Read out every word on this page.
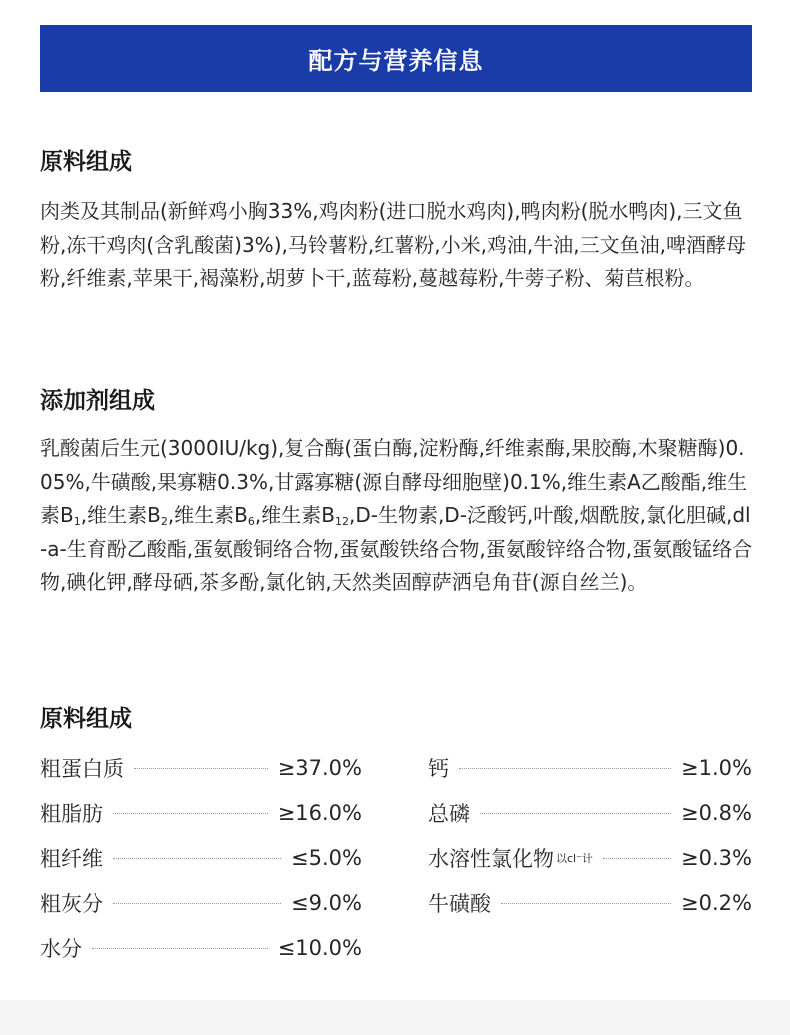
配方与营养信息
原料组成

肉类及其制品(新鲜鸡小胸33%,鸡肉粉(进口脱水鸡肉),鸭肉粉(脱水鸭肉),三文鱼粉,冻干鸡肉(含乳酸菌)3%),马铃薯粉,红薯粉,小米,鸡油,牛油,三文鱼油,啤酒酵母粉,纤维素,苹果干,褐藻粉,胡萝卜干,蓝莓粉,蔓越莓粉,牛蒡子粉、菊苣根粉。

添加剂组成

乳酸菌后生元(3000IU/kg),复合酶(蛋白酶,淀粉酶,纤维素酶,果胶酶,木聚糖酶)0.05%,牛磺酸,果寡糖0.3%,甘露寡糖(源自酵母细胞壁)0.1%,维生素A乙酸酯,维生素$B_1$,维生素$B_2$,维生素$B_6$,维生素$B_{12},D-$生物素,D-泛酸钙,叶酸,烟酰胺,氯化胆碱,dl-a-生育酚乙酸酯,蛋氨酸铜络合物,蛋氨酸铁络合物,蛋氨酸锌络合物,蛋氨酸锰络合物,碘化钾,酵母硒,茶多酚,氯化钠,天然类固醇萨洒皂角苷(源自丝兰)。

原料组成
粗蛋白质	≥37.0%
粗脂肪	≥16.0%
粗纤维	≤5.0%
粗灰分	≤9.0%
水分	≤10.0%
钙	≥1.0%
总磷	≥0.8%
水溶性氯化物 以cl⁻计	≥0.3%
牛磺酸	≥0.2%
